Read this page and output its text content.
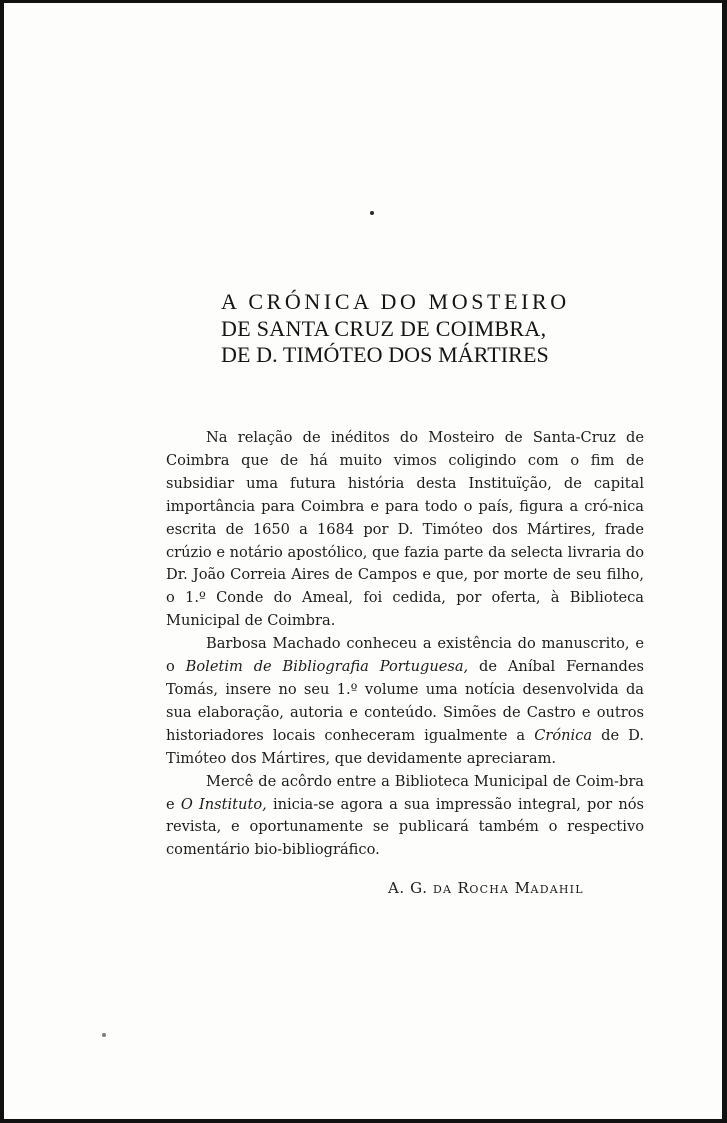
A CRÓNICA DO MOSTEIRO
DE SANTA CRUZ DE COIMBRA,
DE D. TIMÓTEO DOS MÁRTIRES

Na relação de inéditos do Mosteiro de Santa-Cruz de Coimbra que de há muito vimos coligindo com o fim de subsidiar uma futura história desta Instituïção, de capital importância para Coimbra e para todo o país, figura a cró-nica escrita de 1650 a 1684 por D. Timóteo dos Mártires, frade crúzio e notário apostólico, que fazia parte da selecta livraria do Dr. João Correia Aires de Campos e que, por morte de seu filho, o 1.º Conde do Ameal, foi cedida, por oferta, à Biblioteca Municipal de Coimbra.

Barbosa Machado conheceu a existência do manuscrito, e o Boletim de Bibliografia Portuguesa, de Aníbal Fernandes Tomás, insere no seu 1.º volume uma notícia desenvolvida da sua elaboração, autoria e conteúdo. Simões de Castro e outros historiadores locais conheceram igualmente a Crónica de D. Timóteo dos Mártires, que devidamente apreciaram.

Mercê de acôrdo entre a Biblioteca Municipal de Coim-bra e O Instituto, inicia-se agora a sua impressão integral, por nós revista, e oportunamente se publicará também o respectivo comentário bio-bibliográfico.

A. G. DA ROCHA MADAHIL
